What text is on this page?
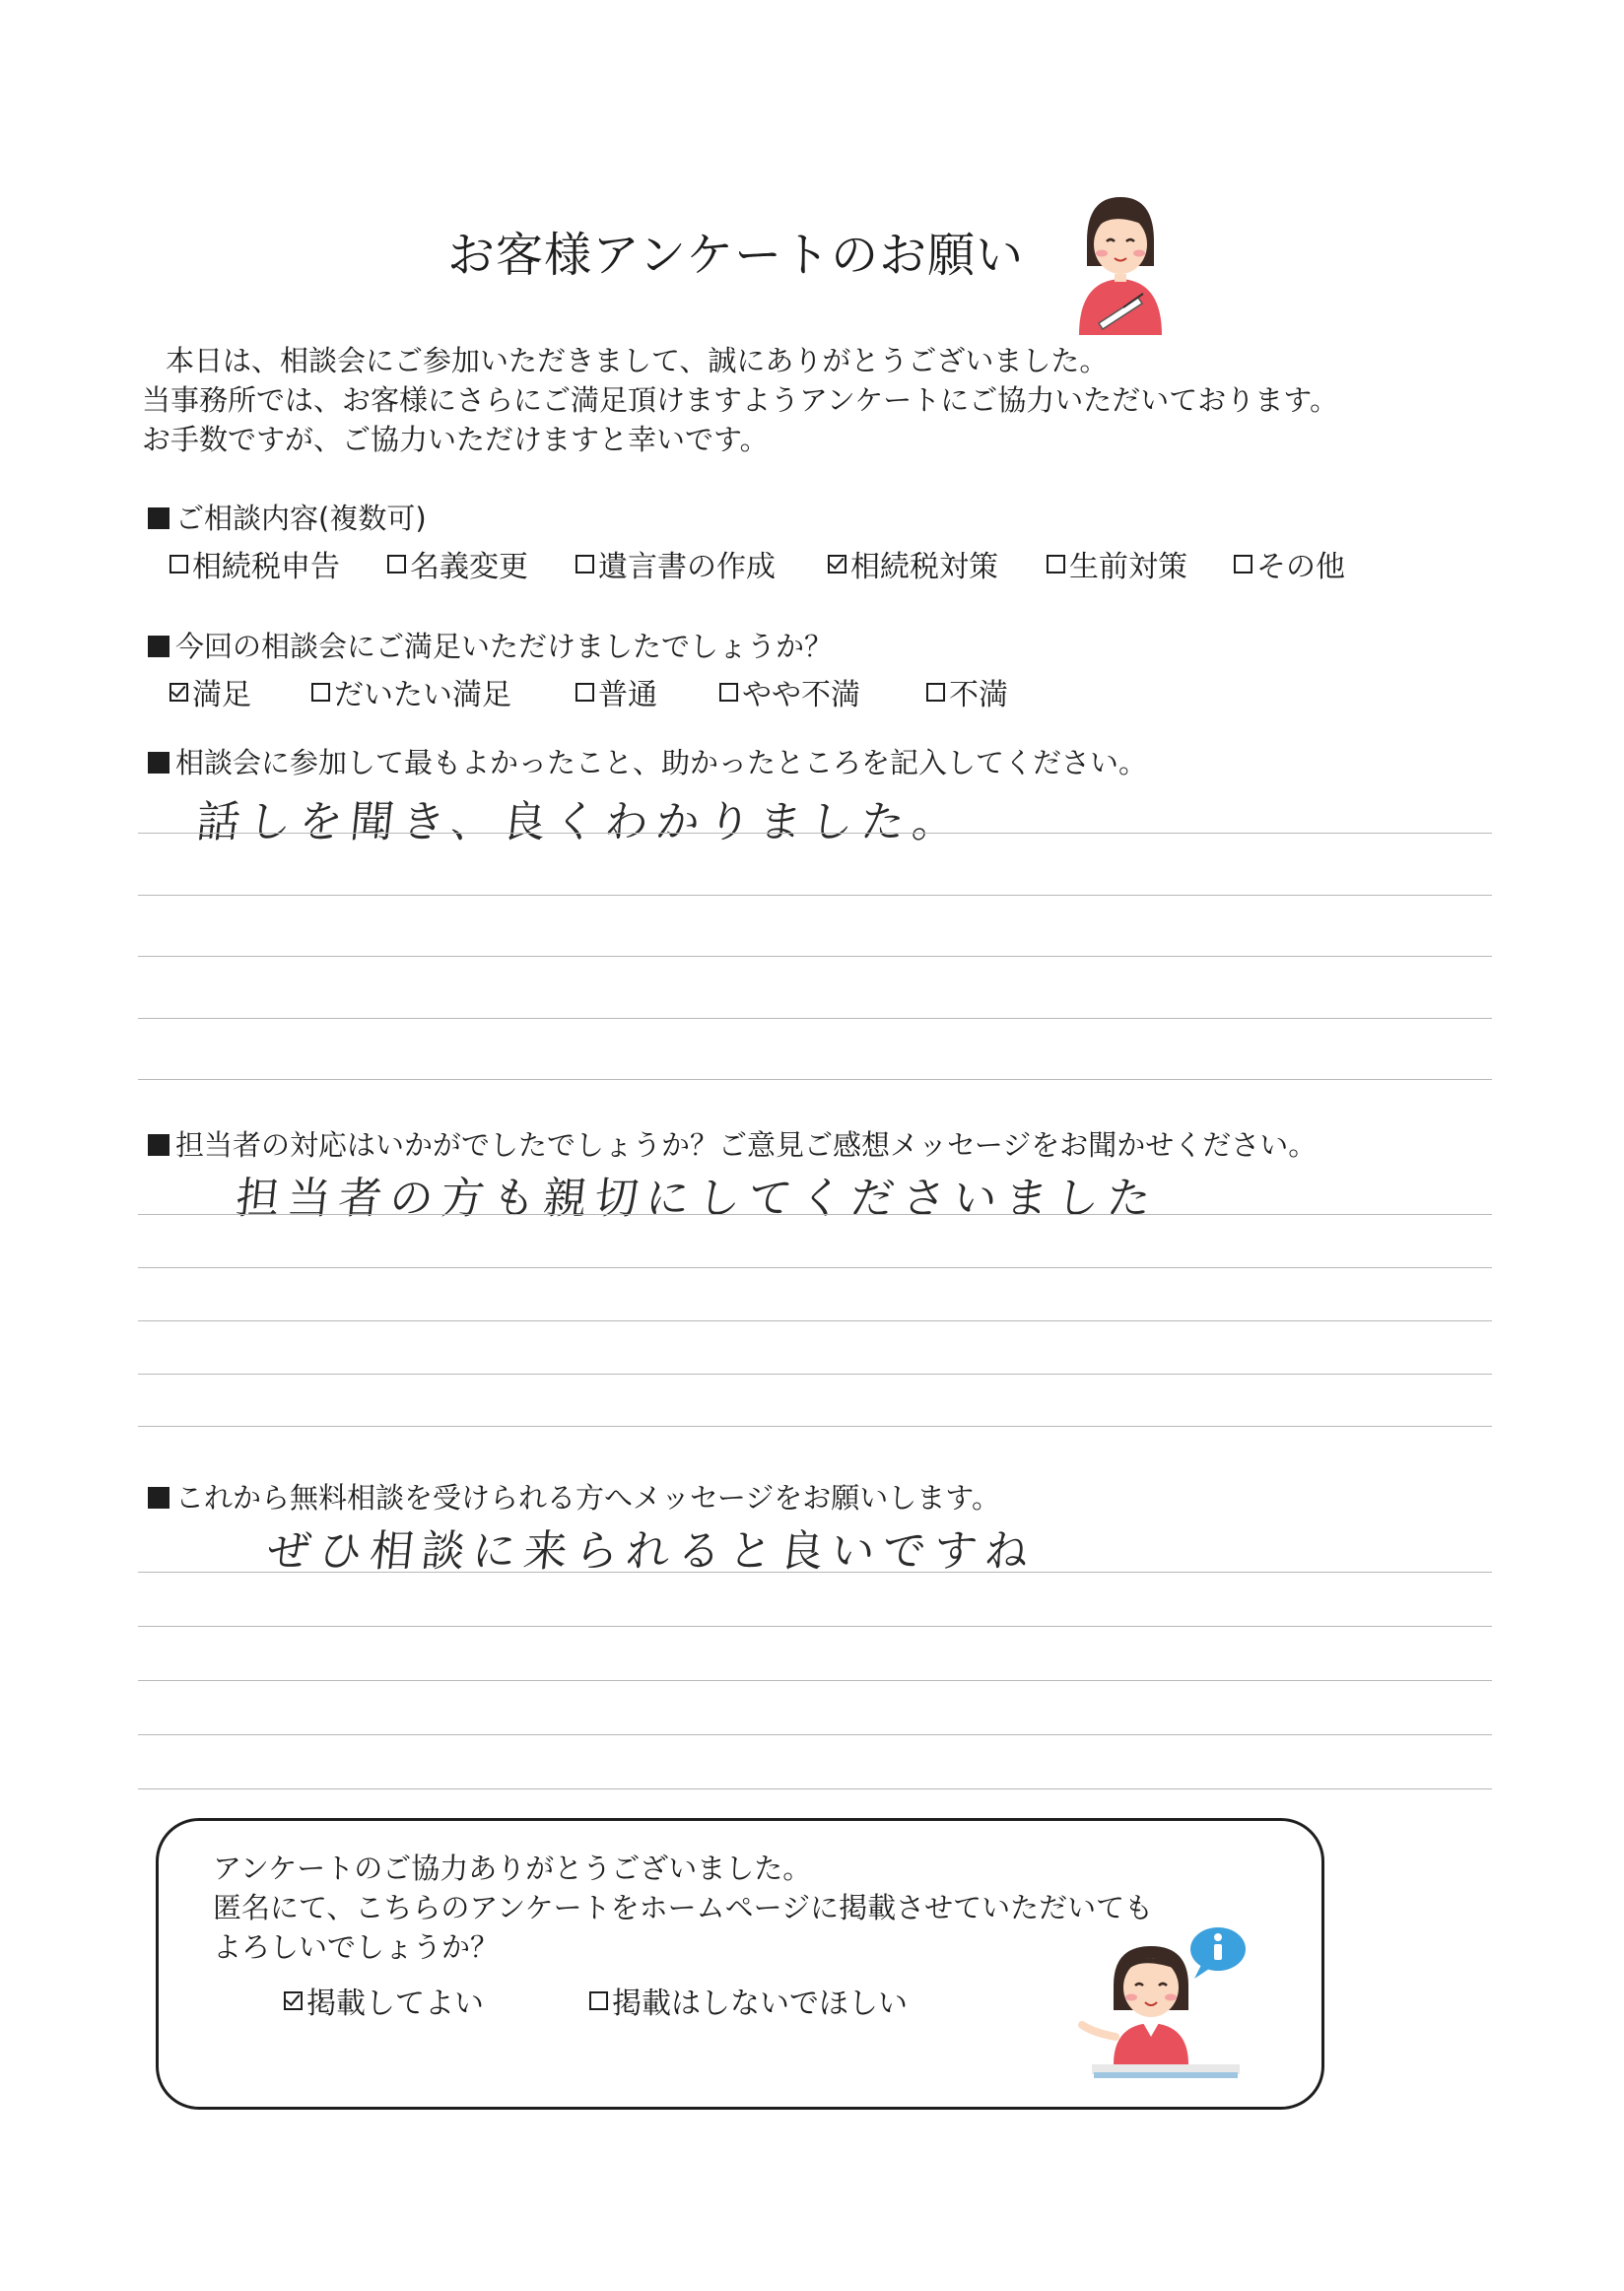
お客様アンケートのお願い
本日は、相談会にご参加いただきまして、誠にありがとうございました。
当事務所では、お客様にさらにご満足頂けますようアンケートにご協力いただいております。
お手数ですが、ご協力いただけますと幸いです。
ご相談内容(複数可)
相続税申告 名義変更 遺言書の作成	相続税対策 生前対策 その他
今回の相談会にご満足いただけましたでしょうか？
満足	だいたい満足	普通	やや不満	不満
相談会に参加して最もよかったこと、助かったところを記入してください。
話しを聞き、良くわかりました。
担当者の対応はいかがでしたでしょうか？ご意見ご感想メッセージをお聞かせください。
担当者の方も親切にしてくださいました
これから無料相談を受けられる方へメッセージをお願いします。
ぜひ相談に来られると良いですね
アンケートのご協力ありがとうございました。
匿名にて、こちらのアンケートをホームページに掲載させていただいても
よろしいでしょうか？
掲載してよい	掲載はしないでほしい
